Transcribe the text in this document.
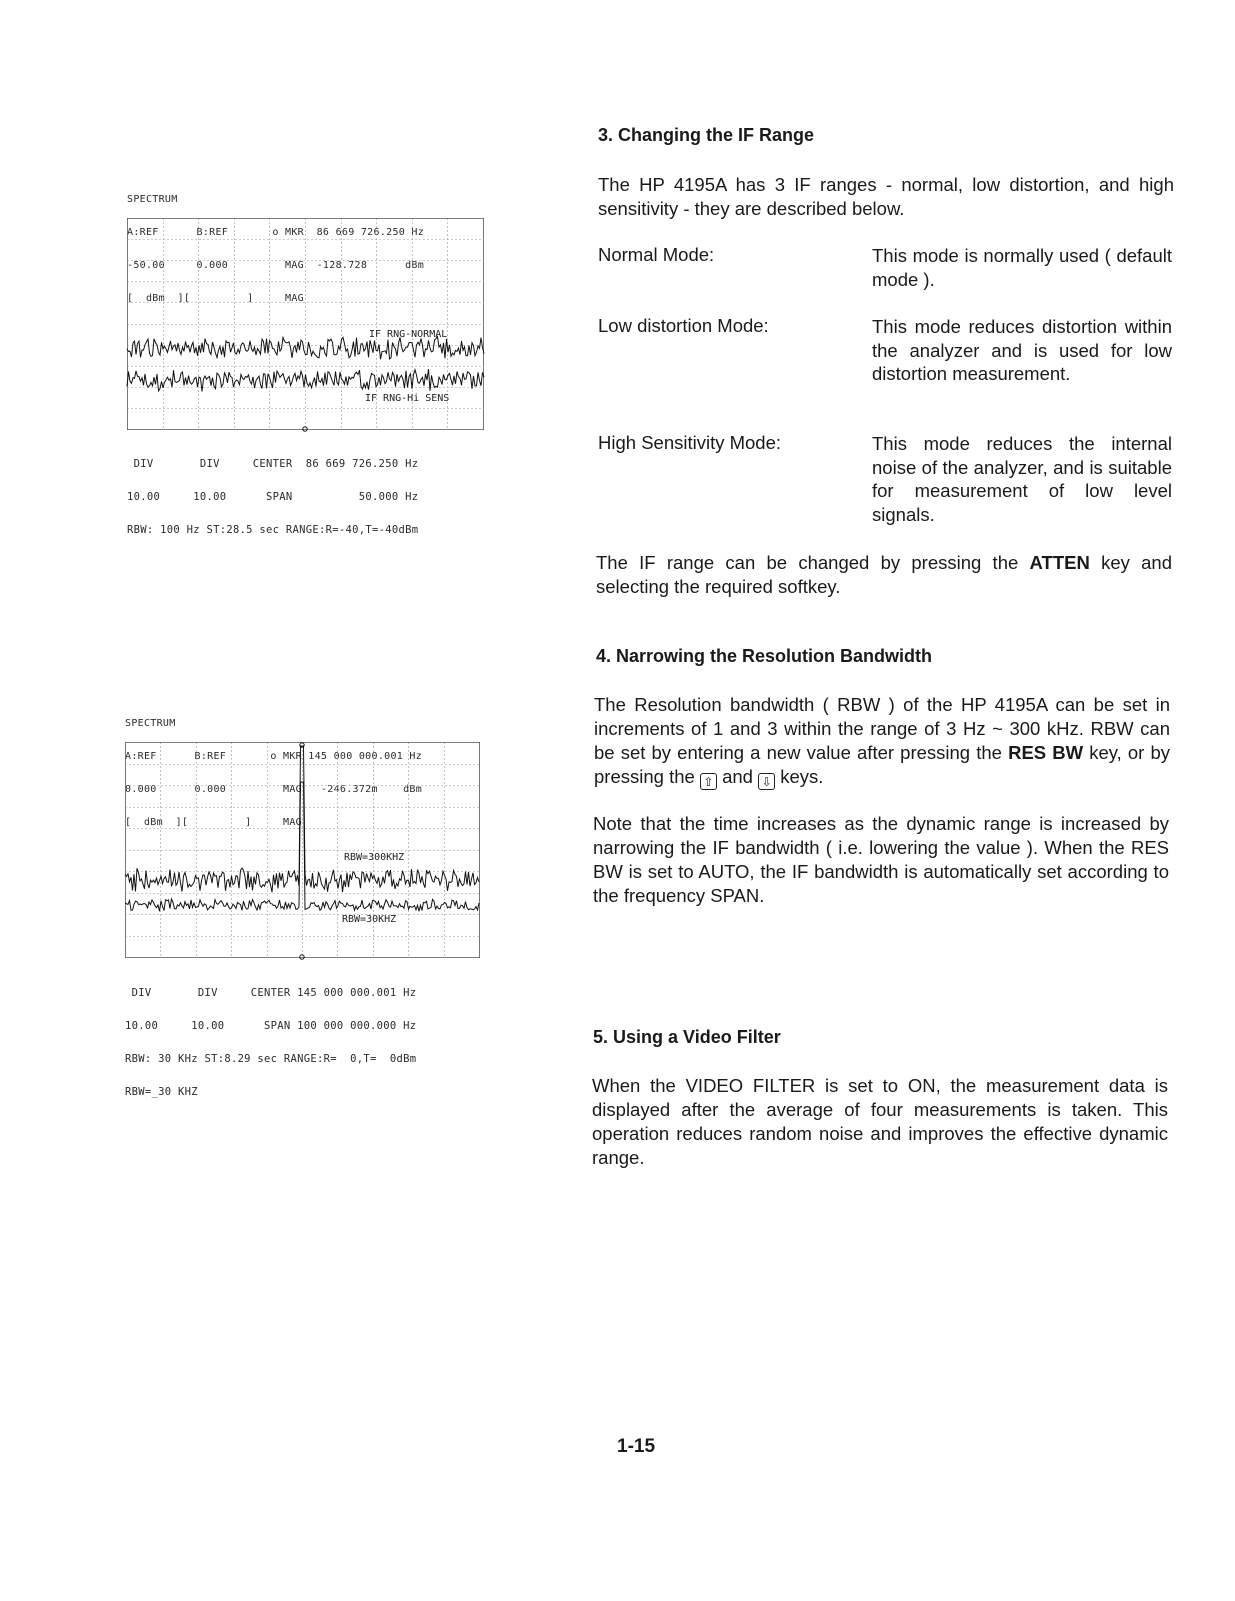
SPECTRUM

A:REF      B:REF       o MKR  86 669 726.250 Hz

-50.00     0.000         MAG  -128.728      dBm

[  dBm  ][         ]     MAG

IF RNG-NORMAL
IF RNG-Hi SENS

DIV       DIV     CENTER  86 669 726.250 Hz

10.00     10.00      SPAN          50.000 Hz

RBW: 100 Hz ST:28.5 sec RANGE:R=-40,T=-40dBm

SPECTRUM

A:REF      B:REF       o MKR 145 000 000.001 Hz

0.000      0.000         MAG   -246.372m    dBm

[  dBm  ][         ]     MAG

RBW=300KHZ
RBW=30KHZ

DIV       DIV     CENTER 145 000 000.001 Hz

10.00     10.00      SPAN 100 000 000.000 Hz

RBW: 30 KHz ST:8.29 sec RANGE:R=  0,T=  0dBm

RBW=_30 KHZ

3. Changing the IF Range

The HP 4195A has 3 IF ranges - normal, low distortion, and high sensitivity - they are described below.

Normal Mode:	This mode is normally used ( default mode ).
Low distortion Mode:	This mode reduces distortion within the analyzer and is used for low distortion measurement.
High Sensitivity Mode:	This mode reduces the internal noise of the analyzer, and is suitable for measurement of low level signals.

The IF range can be changed by pressing the ATTEN key and selecting the required softkey.

4. Narrowing the Resolution Bandwidth

The Resolution bandwidth ( RBW ) of the HP 4195A can be set in increments of 1 and 3 within the range of 3 Hz ~ 300 kHz. RBW can be set by entering a new value after pressing the RES BW key, or by pressing the ⇧ and ⇩ keys.

Note that the time increases as the dynamic range is increased by narrowing the IF bandwidth ( i.e. lowering the value ). When the RES BW is set to AUTO, the IF bandwidth is automatically set according to the frequency SPAN.

5. Using a Video Filter

When the VIDEO FILTER is set to ON, the measurement data is displayed after the average of four measurements is taken. This operation reduces random noise and improves the effective dynamic range.

1-15
